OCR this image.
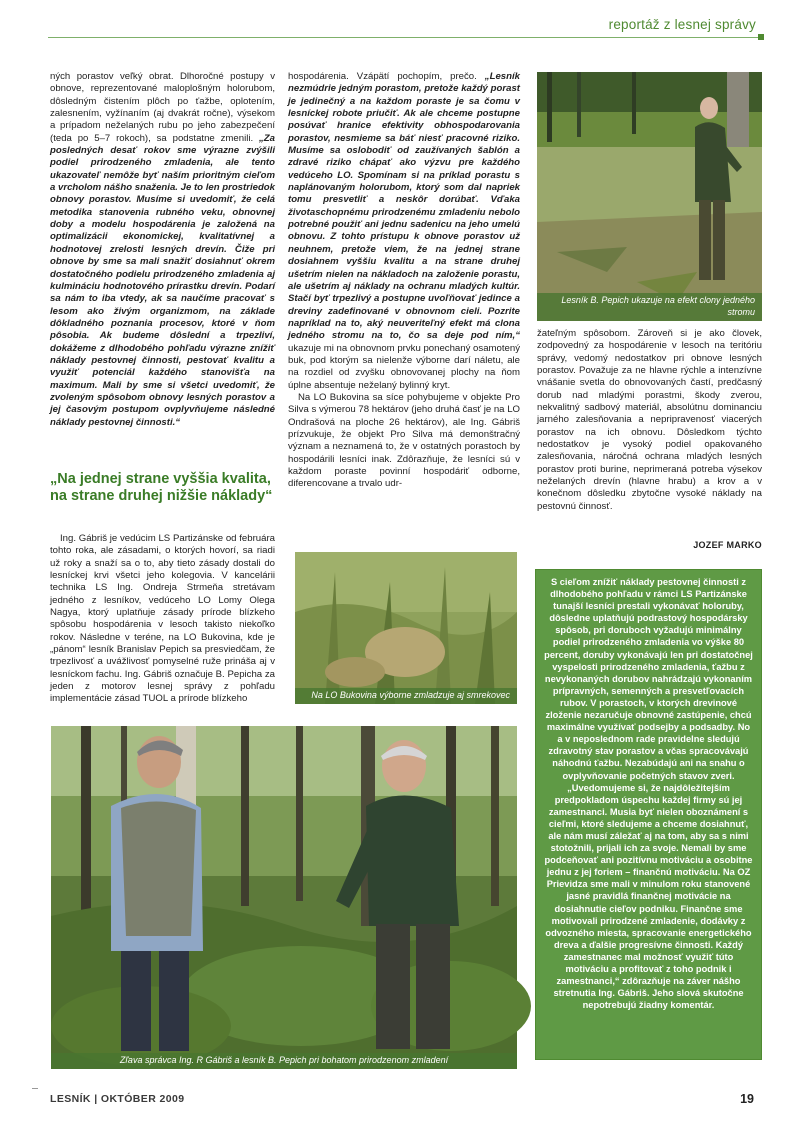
reportáž z lesnej správy

ných porastov veľký obrat. Dlhoročné postupy v obnove, reprezentované maloplošným holorubom, dôsledným čistením plôch po ťažbe, oplotením, zalesnením, vyžínaním (aj dvakrát ročne), výsekom a prípadom neželaných rubu po jeho zabezpečení (teda po 5–7 rokoch), sa podstatne zmenili. „Za posledných desať rokov sme výrazne zvýšili podiel prirodzeného zmladenia, ale tento ukazovateľ nemôže byť naším prioritným cieľom a vrcholom nášho snaženia. Je to len prostriedok obnovy porastov. Musíme si uvedomiť, že celá metodika stanovenia rubného veku, obnovnej doby a modelu hospodárenia je založená na optimalizácii ekonomickej, kvalitatívnej a hodnotovej zrelosti lesných drevín. Čiže pri obnove by sme sa mali snažiť dosiahnuť okrem dostatočného podielu prirodzeného zmladenia aj kulmináciu hodnotového prírastku drevín. Podarí sa nám to iba vtedy, ak sa naučíme pracovať s lesom ako živým organizmom, na základe dôkladného poznania procesov, ktoré v ňom pôsobia. Ak budeme dôslední a trpezliví, dokážeme z dlhodobého pohľadu výrazne znížiť náklady pestovnej činnosti, pestovať kvalitu a využiť potenciál každého stanovišťa na maximum. Mali by sme si všetci uvedomiť, že zvoleným spôsobom obnovy lesných porastov a jej časovým postupom ovplyvňujeme následné náklady pestovnej činnosti.“

„Na jednej strane vyššia kvalita, na strane druhej nižšie náklady“

Ing. Gábriš je vedúcim LS Partizánske od februára tohto roka, ale zásadami, o ktorých hovorí, sa riadi už roky a snaží sa o to, aby tieto zásady dostali do lesníckej krvi všetci jeho kolegovia. V kancelárii technika LS Ing. Ondreja Strmeňa stretávam jedného z lesníkov, vedúceho LO Lomy Olega Nagya, ktorý uplatňuje zásady prírode blízkeho spôsobu hospodárenia v lesoch takisto niekoľko rokov. Následne v teréne, na LO Bukovina, kde je „pánom“ lesník Branislav Pepich sa presviedčam, že trpezlivosť a uvážlivosť pomyselné ruže prináša aj v lesníckom fachu. Ing. Gábriš označuje B. Pepicha za jeden z motorov lesnej správy z pohľadu implementácie zásad TUOL a prírode blízkeho

hospodárenia. Vzápätí pochopím, prečo. „Lesník nezmúdrie jedným porastom, pretože každý porast je jedinečný a na každom poraste je sa čomu v lesníckej robote priučiť. Ak ale chceme postupne posúvať hranice efektivity obhospodarovania porastov, nesmieme sa báť niesť pracovné riziko. Musíme sa oslobodiť od zaužívaných šablón a zdravé riziko chápať ako výzvu pre každého vedúceho LO. Spomínam si na príklad porastu s naplánovaným holorubom, ktorý som dal napriek tomu presvetliť a neskôr dorúbať. Vďaka životaschopnému prirodzenému zmladeniu nebolo potrebné použiť ani jednu sadenicu na jeho umelú obnovu. Z tohto prístupu k obnove porastov už neuhnem, pretože viem, že na jednej strane dosiahnem vyššiu kvalitu a na strane druhej ušetrím nielen na nákladoch na založenie porastu, ale ušetrím aj náklady na ochranu mladých kultúr. Stačí byť trpezlivý a postupne uvoľňovať jedince a dreviny zadefinované v obnovnom cieli. Pozrite napríklad na to, aký neuveriteľný efekt má clona jedného stromu na to, čo sa deje pod ním,“ ukazuje mi na obnovnom prvku ponechaný osamotený buk, pod ktorým sa nielenže výborne darí náletu, ale na rozdiel od zvyšku obnovovanej plochy na ňom úplne absentuje neželaný bylinný kryt.

Na LO Bukovina sa síce pohybujeme v objekte Pro Silva s výmerou 78 hektárov (jeho druhá časť je na LO Ondrašová na ploche 26 hektárov), ale Ing. Gábriš prízvukuje, že objekt Pro Silva má demonštračný význam a neznamená to, že v ostatných porastoch by hospodárili lesníci inak. Zdôrazňuje, že lesníci sú v každom poraste povinní hospodáriť odborne, diferencovane a trvalo udr-

žateľným spôsobom. Zároveň si je ako človek, zodpovedný za hospodárenie v lesoch na teritóriu správy, vedomý nedostatkov pri obnove lesných porastov. Považuje za ne hlavne rýchle a intenzívne vnášanie svetla do obnovovaných častí, predčasný dorub nad mladými porastmi, škody zverou, nekvalitný sadbový materiál, absolútnu dominanciu jarného zalesňovania a nepripravenosť viacerých porastov na ich obnovu. Dôsledkom týchto nedostatkov je vysoký podiel opakovaného zalesňovania, náročná ochrana mladých lesných porastov proti burine, neprimeraná potreba výsekov neželaných drevín (hlavne hrabu) a krov a v konečnom dôsledku zbytočne vysoké náklady na pestovnú činnosť.

JOZEF MARKO
Lesník B. Pepich ukazuje na efekt clony jedného stromu
Na LO Bukovina výborne zmladzuje aj smrekovec
Zľava správca Ing. R Gábriš a lesník B. Pepich pri bohatom prirodzenom zmladení

S cieľom znížiť náklady pestovnej činnosti z dlhodobého pohľadu v rámci LS Partizánske tunajší lesníci prestali vykonávať holoruby, dôsledne uplatňujú podrastový hospodársky spôsob, pri doruboch vyžadujú minimálny podiel prirodzeného zmladenia vo výške 80 percent, doruby vykonávajú len pri dostatočnej vyspelosti prirodzeného zmladenia, ťažbu z nevykonaných dorubov nahrádzajú vykonaním prípravných, semenných a presvetľovacích rubov. V porastoch, v ktorých drevinové zloženie nezaručuje obnovné zastúpenie, chcú maximálne využívať podsejby a podsadby. No a v neposlednom rade pravidelne sledujú zdravotný stav porastov a včas spracovávajú náhodnú ťažbu. Nezabúdajú ani na snahu o ovplyvňovanie početných stavov zveri. „Uvedomujeme si, že najdôležitejším predpokladom úspechu každej firmy sú jej zamestnanci. Musia byť nielen oboznámení s cieľmi, ktoré sledujeme a chceme dosiahnuť, ale nám musí záležať aj na tom, aby sa s nimi stotožnili, prijali ich za svoje. Nemali by sme podceňovať ani pozitívnu motiváciu a osobitne jednu z jej foriem – finančnú motiváciu. Na OZ Prievidza sme mali v minulom roku stanovené jasné pravidlá finančnej motivácie na dosiahnutie cieľov podniku. Finančne sme motivovali prirodzené zmladenie, dodávky z odvozného miesta, spracovanie energetického dreva a ďalšie progresívne činnosti. Každý zamestnanec mal možnosť využiť túto motiváciu a profitovať z toho podnik i zamestnanci,“ zdôrazňuje na záver nášho stretnutia Ing. Gábriš. Jeho slová skutočne nepotrebujú žiadny komentár.

LESNÍK | OKTÓBER 2009	19
